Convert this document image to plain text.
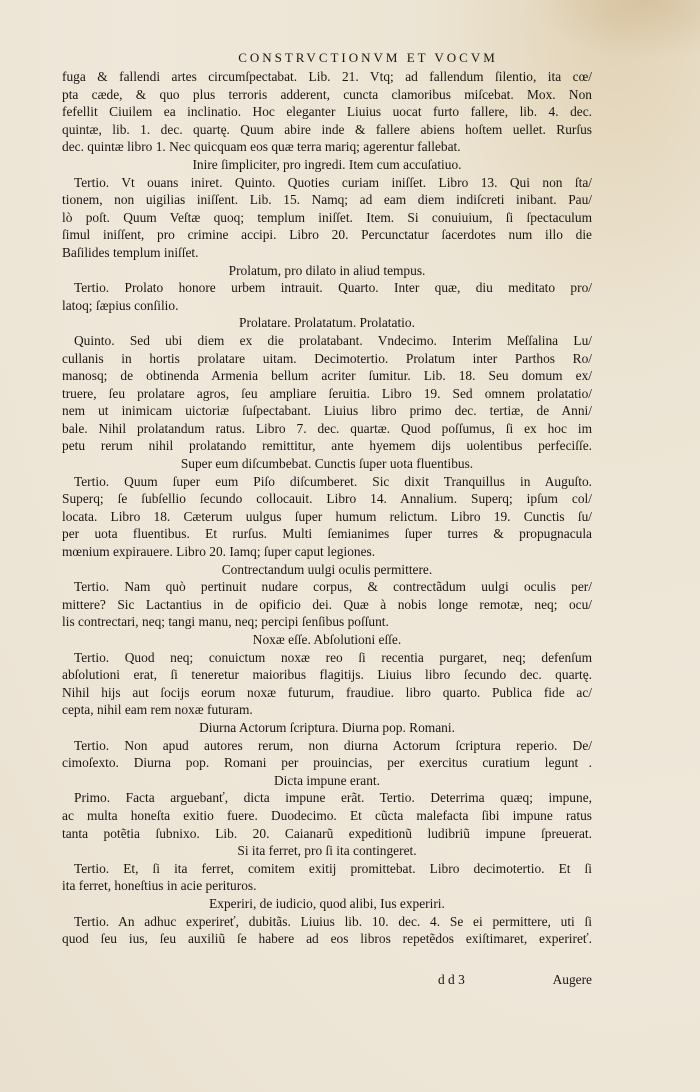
CONSTRVCTIONVM ET VOCVM
fuga & fallendi artes circumſpectabat. Lib. 21. Vtq; ad fallendum ſilentio, ita cœ/
pta cæde, & quo plus terroris adderent, cuncta clamoribus miſcebat. Mox. Non
fefellit Ciuilem ea inclinatio. Hoc eleganter Liuius uocat furto fallere, lib. 4. dec.
quintæ, lib. 1. dec. quartę. Quum abire inde & fallere abiens hoſtem uellet. Rurſus
dec. quintæ libro 1. Nec quicquam eos quæ terra mariq; agerentur fallebat.
Inire ſimpliciter, pro ingredi. Item cum accuſatiuo.
Tertio. Vt ouans iniret. Quinto. Quoties curiam iniſſet. Libro 13. Qui non ſta/
tionem, non uigilias iniſſent. Lib. 15. Namq; ad eam diem indiſcreti inibant. Pau/
lò poſt. Quum Veſtæ quoq; templum iniſſet. Item. Si conuiuium, ſi ſpectaculum
ſimul iniſſent, pro crimine accipi. Libro 20. Percunctatur ſacerdotes num illo die
Baſilides templum iniſſet.
Prolatum, pro dilato in aliud tempus.
Tertio. Prolato honore urbem intrauit. Quarto. Inter quæ, diu meditato pro/
latoq; ſæpius conſilio.
Prolatare. Prolatatum. Prolatatio.
Quinto. Sed ubi diem ex die prolatabant. Vndecimo. Interim Meſſalina Lu/
cullanis in hortis prolatare uitam. Decimotertio. Prolatum inter Parthos Ro/
manosq; de obtinenda Armenia bellum acriter ſumitur. Lib. 18. Seu domum ex/
truere, ſeu prolatare agros, ſeu ampliare ſeruitia. Libro 19. Sed omnem prolatatio/
nem ut inimicam uictoriæ ſuſpectabant. Liuius libro primo dec. tertiæ, de Anni/
bale. Nihil prolatandum ratus. Libro 7. dec. quartæ. Quod poſſumus, ſi ex hoc im
petu rerum nihil prolatando remittitur, ante hyemem dijs uolentibus perfeciſſe.
Super eum diſcumbebat. Cunctis ſuper uota fluentibus.
Tertio. Quum ſuper eum Piſo diſcumberet. Sic dixit Tranquillus in Auguſto.
Superq; ſe ſubſellio ſecundo collocauit. Libro 14. Annalium. Superq; ipſum col/
locata. Libro 18. Cæterum uulgus ſuper humum relictum. Libro 19. Cunctis ſu/
per uota fluentibus. Et rurſus. Multi ſemianimes ſuper turres & propugnacula
mœnium expirauere. Libro 20. Iamq; ſuper caput legiones.
Contrectandum uulgi oculis permittere.
Tertio. Nam quò pertinuit nudare corpus, & contrectãdum uulgi oculis per/
mittere? Sic Lactantius in de opificio dei. Quæ à nobis longe remotæ, neq; ocu/
lis contrectari, neq; tangi manu, neq; percipi ſenſibus poſſunt.
Noxæ eſſe. Abſolutioni eſſe.
Tertio. Quod neq; conuictum noxæ reo ſi recentia purgaret, neq; defenſum
abſolutioni erat, ſi teneretur maioribus flagitijs. Liuius libro ſecundo dec. quartę.
Nihil hijs aut ſocijs eorum noxæ futurum, fraudiue. libro quarto. Publica fide ac/
cepta, nihil eam rem noxæ futuram.
Diurna Actorum ſcriptura. Diurna pop. Romani.
Tertio. Non apud autores rerum, non diurna Actorum ſcriptura reperio. De/
cimoſexto. Diurna pop. Romani per prouincias, per exercitus curatium leguntᷓ.
Dicta impune erant.
Primo. Facta arguebanť, dicta impune erãt. Tertio. Deterrima quæq; impune,
ac multa honeſta exitio fuere. Duodecimo. Et cũcta malefacta ſibi impune ratus
tanta potẽtia ſubnixo. Lib. 20. Caianarũ expeditionũ ludibriũ impune ſpreuerat.
Si ita ferret, pro ſi ita contingeret.
Tertio. Et, ſi ita ferret, comitem exitij promittebat. Libro decimotertio. Et ſi
ita ferret, honeſtius in acie perituros.
Experiri, de iudicio, quod alibi, Ius experiri.
Tertio. An adhuc experireť, dubitãs. Liuius lib. 10. dec. 4. Se ei permittere, uti ſi
quod ſeu ius, ſeu auxiliũ ſe habere ad eos libros repetẽdos exiſtimaret, experireť.
d d 3	Augere
